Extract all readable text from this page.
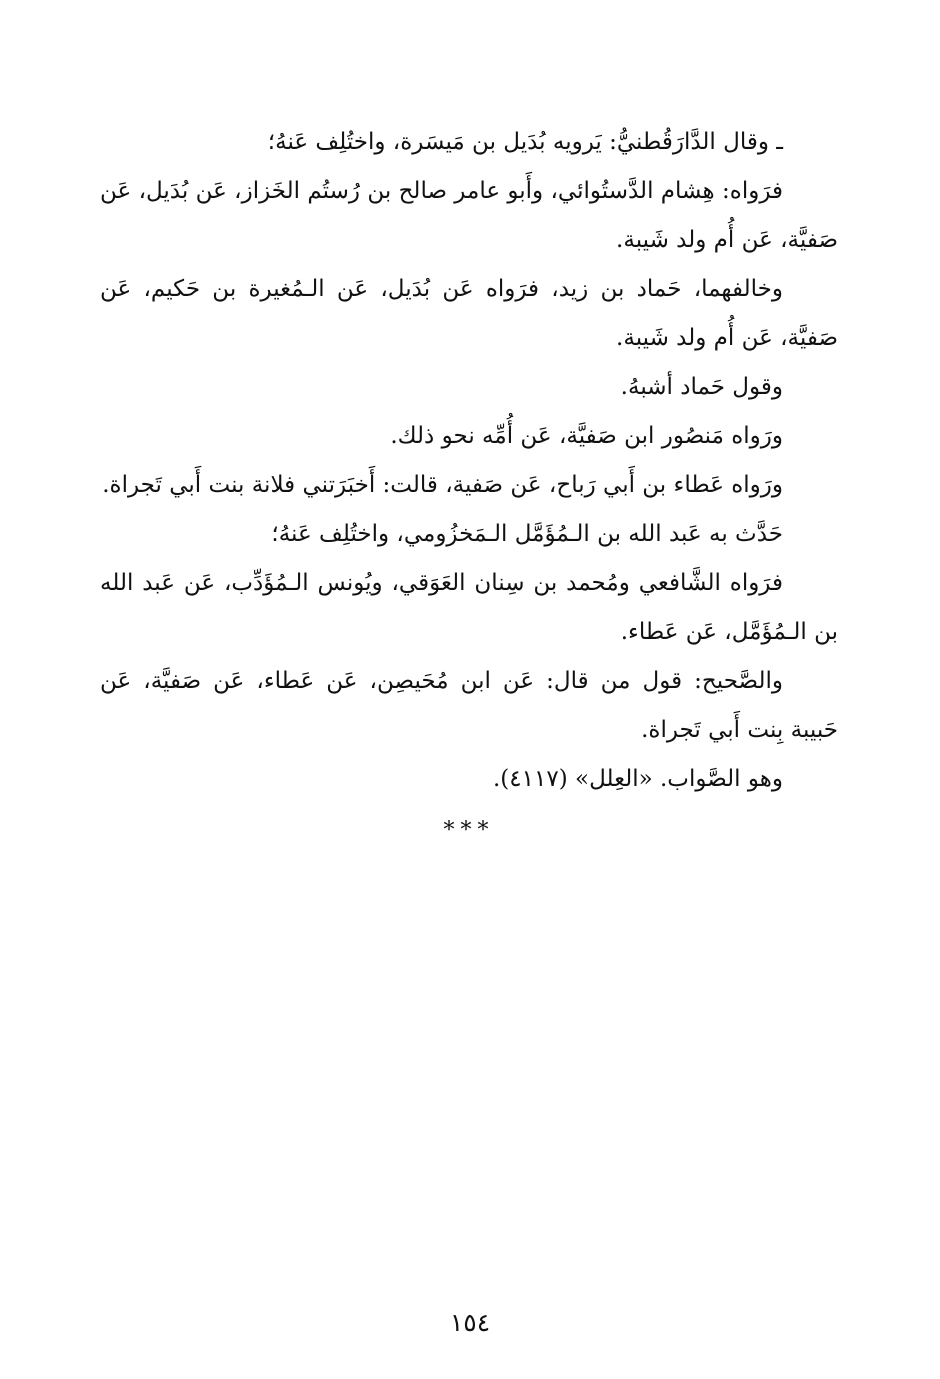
ـ وقال الدَّارَقُطنيُّ: يَرويه بُدَيل بن مَيسَرة، واختُلِف عَنهُ؛

فرَواه: هِشام الدَّستُوائي، وأَبو عامر صالح بن رُستُم الخَزاز، عَن بُدَيل، عَن صَفيَّة، عَن أُم ولد شَيبة.

وخالفهما، حَماد بن زيد، فرَواه عَن بُدَيل، عَن الـمُغيرة بن حَكيم، عَن صَفيَّة، عَن أُم ولد شَيبة.

وقول حَماد أشبهُ.

ورَواه مَنصُور ابن صَفيَّة، عَن أُمِّه نحو ذلك.

ورَواه عَطاء بن أَبي رَباح، عَن صَفية، قالت: أَخبَرَتني فلانة بنت أَبي تَجراة.

حَدَّث به عَبد الله بن الـمُؤَمَّل الـمَخزُومي، واختُلِف عَنهُ؛

فرَواه الشَّافعي ومُحمد بن سِنان العَوَقي، ويُونس الـمُؤَدِّب، عَن عَبد الله بن الـمُؤَمَّل، عَن عَطاء.

والصَّحيح: قول من قال: عَن ابن مُحَيصِن، عَن عَطاء، عَن صَفيَّة، عَن حَبيبة بِنت أَبي تَجراة.

وهو الصَّواب. «العِلل» (٤١١٧).

***
١٥٤
